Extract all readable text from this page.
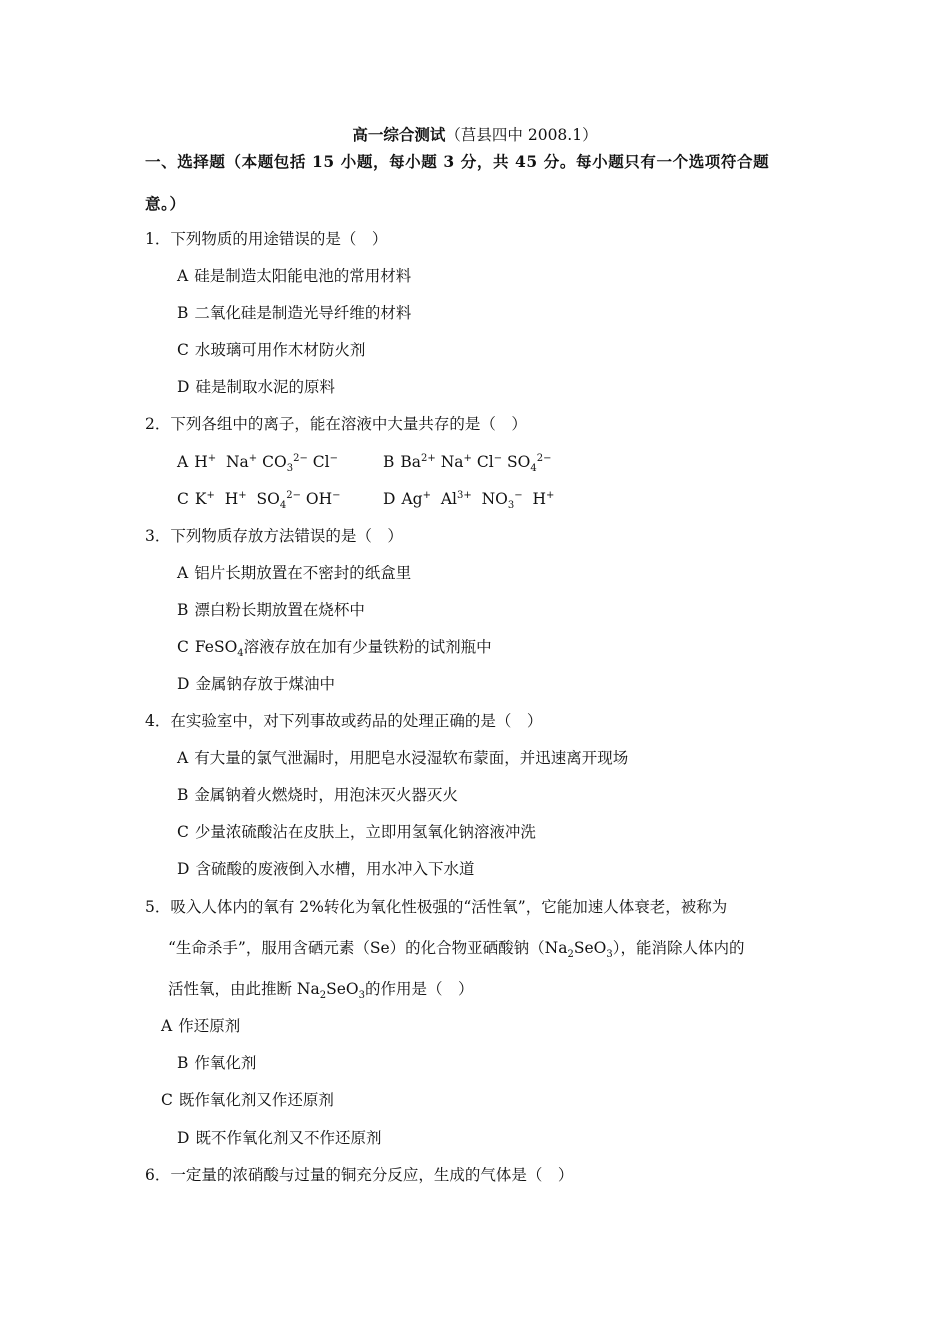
高一综合测试（莒县四中 2008.1）
一、选择题（本题包括 15 小题，每小题 3 分，共 45 分。每小题只有一个选项符合题
意。）
1．下列物质的用途错误的是（　）
A 硅是制造太阳能电池的常用材料
B 二氧化硅是制造光导纤维的材料
C 水玻璃可用作木材防火剂
D 硅是制取水泥的原料
2．下列各组中的离子，能在溶液中大量共存的是（　）
A H+ Na+ $CO_3^{2-}$ Cl−	B $Ba^{2+}$ Na+ Cl− $SO_4^{2-}$
C K+ H+ $SO_4^{2-}$ OH−	D Ag+ $Al^{3+}$ $NO_3^-$ H+
3．下列物质存放方法错误的是（　）
A 铝片长期放置在不密封的纸盒里
B 漂白粉长期放置在烧杯中
C FeSO$_4$溶液存放在加有少量铁粉的试剂瓶中
D 金属钠存放于煤油中
4．在实验室中，对下列事故或药品的处理正确的是（　）
A 有大量的氯气泄漏时，用肥皂水浸湿软布蒙面，并迅速离开现场
B 金属钠着火燃烧时，用泡沫灭火器灭火
C 少量浓硫酸沾在皮肤上，立即用氢氧化钠溶液冲洗
D 含硫酸的废液倒入水槽，用水冲入下水道
5．吸入人体内的氧有 2%转化为氧化性极强的“活性氧”，它能加速人体衰老，被称为
“生命杀手”，服用含硒元素（Se）的化合物亚硒酸钠$(Na_2SeO_3)$，能消除人体内的
活性氧，由此推断 $Na_2SeO_3$的作用是（　）
A 作还原剂
B 作氧化剂
C 既作氧化剂又作还原剂
D 既不作氧化剂又不作还原剂
6．一定量的浓硝酸与过量的铜充分反应，生成的气体是（　）
